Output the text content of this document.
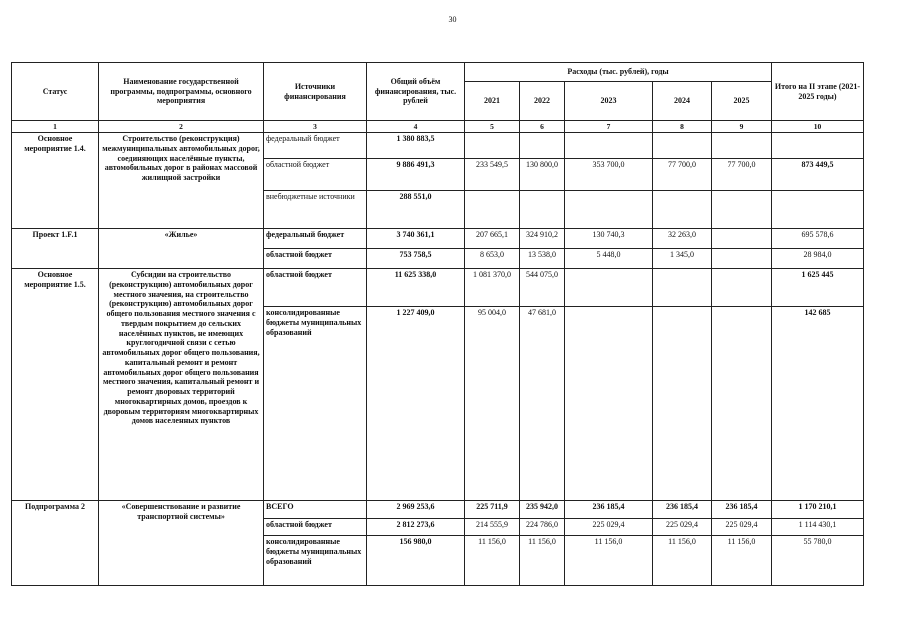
30
Статус	Наименование государственной программы, подпрограммы, основного мероприятия	Источники финансирования	Общий объём финансирования, тыс. рублей	Расходы (тыс. рублей), годы					Итого на II этапе (2021-2025 годы)
				2021	2022	2023	2024	2025	
1	2	3	4	5	6	7	8	9	10
Основное мероприятие 1.4.	Строительство (реконструкция) межмуниципальных автомобильных дорог, соединяющих населённые пункты, автомобильных дорог в районах массовой жилищной застройки	федеральный бюджет	1 380 883,5						
		областной бюджет	9 886 491,3	233 549,5	130 800,0	353 700,0	77 700,0	77 700,0	873 449,5
		внебюджетные источники	288 551,0						
Проект 1.F.1	«Жилье»	федеральный бюджет	3 740 361,1	207 665,1	324 910,2	130 740,3	32 263,0		695 578,6
		областной бюджет	753 758,5	8 653,0	13 538,0	5 448,0	1 345,0		28 984,0
Основное мероприятие 1.5.	Субсидии на строительство (реконструкцию) автомобильных дорог местного значения, на строительство (реконструкцию) автомобильных дорог общего пользования местного значения с твердым покрытием до сельских населённых пунктов, не имеющих круглогодичной связи с сетью автомобильных дорог общего пользования, капитальный ремонт и ремонт автомобильных дорог общего пользования местного значения, капитальный ремонт и ремонт дворовых территорий многоквартирных домов, проездов к дворовым территориям многоквартирных домов населенных пунктов	областной бюджет	11 625 338,0	1 081 370,0	544 075,0				1 625 445
		консолидированные бюджеты муниципальных образований	1 227 409,0	95 004,0	47 681,0				142 685
Подпрограмма 2	«Совершенствование и развитие транспортной системы»	ВСЕГО	2 969 253,6	225 711,9	235 942,0	236 185,4	236 185,4	236 185,4	1 170 210,1
		областной бюджет	2 812 273,6	214 555,9	224 786,0	225 029,4	225 029,4	225 029,4	1 114 430,1
		консолидированные бюджеты муниципальных образований	156 980,0	11 156,0	11 156,0	11 156,0	11 156,0	11 156,0	55 780,0
